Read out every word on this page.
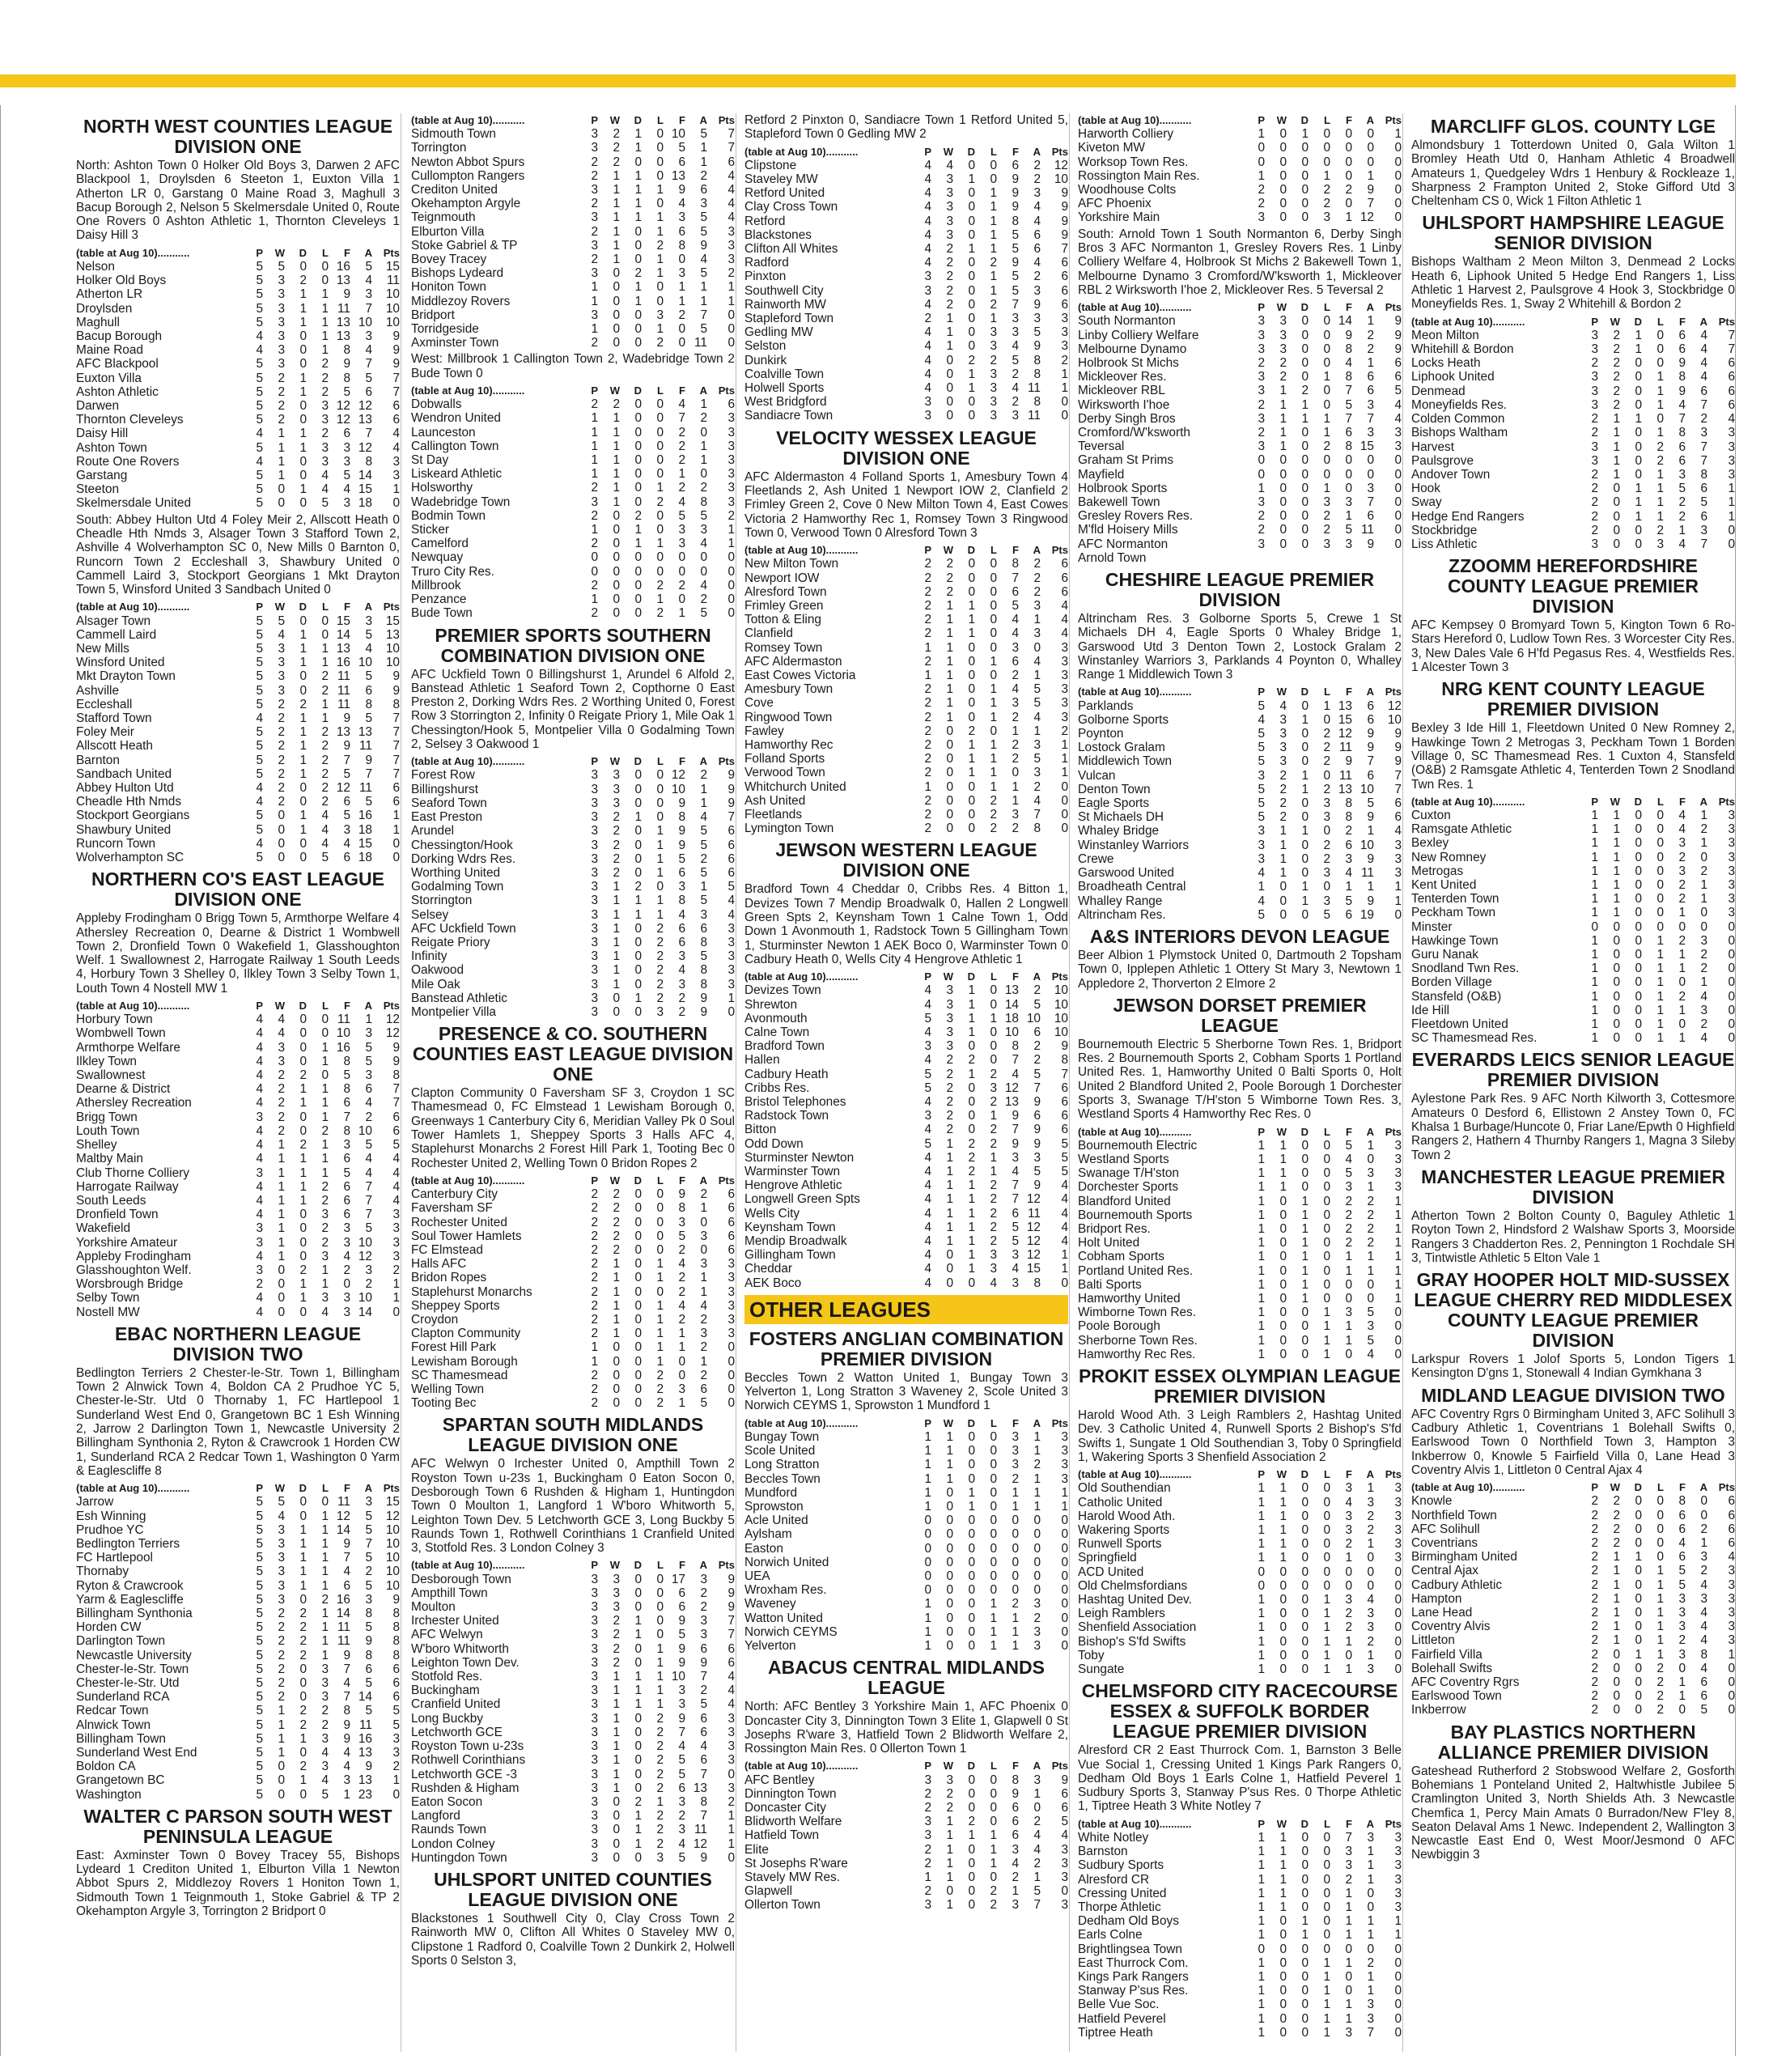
NORTH WEST COUNTIES LEAGUE DIVISION ONE
North: Ashton Town 0 Holker Old Boys 3, Darwen 2 AFC Blackpool 1, Droylsden 6 Steeton 1, Euxton Villa 1 Atherton LR 0, Garstang 0 Maine Road 3, Maghull 3 Bacup Borough 2, Nelson 5 Skelmersdale United 0, Route One Rovers 0 Ashton Athletic 1, Thornton Cleveleys 1 Daisy Hill 3
(table at Aug 10)...........	P	W	D	L	F	A	Pts
Nelson	5	5	0	0	16	5	15
Holker Old Boys	5	3	2	0	13	4	11
Atherton LR	5	3	1	1	9	3	10
Droylsden	5	3	1	1	11	7	10
Maghull	5	3	1	1	13	10	10
Bacup Borough	4	3	0	1	13	3	9
Maine Road	4	3	0	1	8	4	9
AFC Blackpool	5	3	0	2	9	7	9
Euxton Villa	5	2	1	2	8	5	7
Ashton Athletic	5	2	1	2	5	6	7
Darwen	5	2	0	3	12	12	6
Thornton Cleveleys	5	2	0	3	12	13	6
Daisy Hill	4	1	1	2	6	7	4
Ashton Town	5	1	1	3	3	12	4
Route One Rovers	4	1	0	3	3	8	3
Garstang	5	1	0	4	5	14	3
Steeton	5	0	1	4	4	15	1
Skelmersdale United	5	0	0	5	3	18	0
South: Abbey Hulton Utd 4 Foley Meir 2, Allscott Heath 0 Cheadle Hth Nmds 3, Alsager Town 3 Stafford Town 2, Ashville 4 Wolverhampton SC 0, New Mills 0 Barnton 0, Runcorn Town 2 Eccleshall 3, Shawbury United 0 Cammell Laird 3, Stockport Georgians 1 Mkt Drayton Town 5, Winsford United 3 Sandbach United 0
(table at Aug 10)...........	P	W	D	L	F	A	Pts
Alsager Town	5	5	0	0	15	3	15
Cammell Laird	5	4	1	0	14	5	13
New Mills	5	3	1	1	13	4	10
Winsford United	5	3	1	1	16	10	10
Mkt Drayton Town	5	3	0	2	11	5	9
Ashville	5	3	0	2	11	6	9
Eccleshall	5	2	2	1	11	8	8
Stafford Town	4	2	1	1	9	5	7
Foley Meir	5	2	1	2	13	13	7
Allscott Heath	5	2	1	2	9	11	7
Barnton	5	2	1	2	7	9	7
Sandbach United	5	2	1	2	5	7	7
Abbey Hulton Utd	4	2	0	2	12	11	6
Cheadle Hth Nmds	4	2	0	2	6	5	6
Stockport Georgians	5	0	1	4	5	16	1
Shawbury United	5	0	1	4	3	18	1
Runcorn Town	4	0	0	4	4	15	0
Wolverhampton SC	5	0	0	5	6	18	0
NORTHERN CO'S EAST LEAGUE DIVISION ONE
Appleby Frodingham 0 Brigg Town 5, Armthorpe Welfare 4 Athersley Recreation 0, Dearne & District 1 Wombwell Town 2, Dronfield Town 0 Wakefield 1, Glasshoughton Welf. 1 Swallownest 2, Harrogate Railway 1 South Leeds 4, Horbury Town 3 Shelley 0, Ilkley Town 3 Selby Town 1, Louth Town 4 Nostell MW 1
(table at Aug 10)...........	P	W	D	L	F	A	Pts
Horbury Town	4	4	0	0	11	1	12
Wombwell Town	4	4	0	0	10	3	12
Armthorpe Welfare	4	3	0	1	16	5	9
Ilkley Town	4	3	0	1	8	5	9
Swallownest	4	2	2	0	5	3	8
Dearne & District	4	2	1	1	8	6	7
Athersley Recreation	4	2	1	1	6	4	7
Brigg Town	3	2	0	1	7	2	6
Louth Town	4	2	0	2	8	10	6
Shelley	4	1	2	1	3	5	5
Maltby Main	4	1	1	1	6	4	4
Club Thorne Colliery	3	1	1	1	5	4	4
Harrogate Railway	4	1	1	2	6	7	4
South Leeds	4	1	1	2	6	7	4
Dronfield Town	4	1	0	3	6	7	3
Wakefield	3	1	0	2	3	5	3
Yorkshire Amateur	3	1	0	2	3	10	3
Appleby Frodingham	4	1	0	3	4	12	3
Glasshoughton Welf.	3	0	2	1	2	3	2
Worsbrough Bridge	2	0	1	1	0	2	1
Selby Town	4	0	1	3	3	10	1
Nostell MW	4	0	0	4	3	14	0
EBAC NORTHERN LEAGUE DIVISION TWO
Bedlington Terriers 2 Chester-le-Str. Town 1, Billingham Town 2 Alnwick Town 4, Boldon CA 2 Prudhoe YC 5, Chester-le-Str. Utd 0 Thornaby 1, FC Hartlepool 1 Sunderland West End 0, Grangetown BC 1 Esh Winning 2, Jarrow 2 Darlington Town 1, Newcastle University 2 Billingham Synthonia 2, Ryton & Crawcrook 1 Horden CW 1, Sunderland RCA 2 Redcar Town 1, Washington 0 Yarm & Eaglescliffe 8
(table at Aug 10)...........	P	W	D	L	F	A	Pts
Jarrow	5	5	0	0	11	3	15
Esh Winning	5	4	0	1	12	5	12
Prudhoe YC	5	3	1	1	14	5	10
Bedlington Terriers	5	3	1	1	9	7	10
FC Hartlepool	5	3	1	1	7	5	10
Thornaby	5	3	1	1	4	2	10
Ryton & Crawcrook	5	3	1	1	6	5	10
Yarm & Eaglescliffe	5	3	0	2	16	3	9
Billingham Synthonia	5	2	2	1	14	8	8
Horden CW	5	2	2	1	11	5	8
Darlington Town	5	2	2	1	11	9	8
Newcastle University	5	2	2	1	9	8	8
Chester-le-Str. Town	5	2	0	3	7	6	6
Chester-le-Str. Utd	5	2	0	3	4	5	6
Sunderland RCA	5	2	0	3	7	14	6
Redcar Town	5	1	2	2	8	5	5
Alnwick Town	5	1	2	2	9	11	5
Billingham Town	5	1	1	3	9	16	3
Sunderland West End	5	1	0	4	4	13	3
Boldon CA	5	0	2	3	4	9	2
Grangetown BC	5	0	1	4	3	13	1
Washington	5	0	0	5	1	23	0
WALTER C PARSON SOUTH WEST PENINSULA LEAGUE
East: Axminster Town 0 Bovey Tracey 55, Bishops Lydeard 1 Crediton United 1, Elburton Villa 1 Newton Abbot Spurs 2, Middlezoy Rovers 1 Honiton Town 1, Sidmouth Town 1 Teignmouth 1, Stoke Gabriel & TP 2 Okehampton Argyle 3, Torrington 2 Bridport 0
(table at Aug 10)...........	P	W	D	L	F	A	Pts
Sidmouth Town	3	2	1	0	10	5	7
Torrington	3	2	1	0	5	1	7
Newton Abbot Spurs	2	2	0	0	6	1	6
Cullompton Rangers	2	1	1	0	13	2	4
Crediton United	3	1	1	1	9	6	4
Okehampton Argyle	2	1	1	0	4	3	4
Teignmouth	3	1	1	1	3	5	4
Elburton Villa	2	1	0	1	6	5	3
Stoke Gabriel & TP	3	1	0	2	8	9	3
Bovey Tracey	2	1	0	1	0	4	3
Bishops Lydeard	3	0	2	1	3	5	2
Honiton Town	1	0	1	0	1	1	1
Middlezoy Rovers	1	0	1	0	1	1	1
Bridport	3	0	0	3	2	7	0
Torridgeside	1	0	0	1	0	5	0
Axminster Town	2	0	0	2	0	11	0
West: Millbrook 1 Callington Town 2, Wadebridge Town 2 Bude Town 0
(table at Aug 10)...........	P	W	D	L	F	A	Pts
Dobwalls	2	2	0	0	4	1	6
Wendron United	1	1	0	0	7	2	3
Launceston	1	1	0	0	2	0	3
Callington Town	1	1	0	0	2	1	3
St Day	1	1	0	0	2	1	3
Liskeard Athletic	1	1	0	0	1	0	3
Holsworthy	2	1	0	1	2	2	3
Wadebridge Town	3	1	0	2	4	8	3
Bodmin Town	2	0	2	0	5	5	2
Sticker	1	0	1	0	3	3	1
Camelford	2	0	1	1	3	4	1
Newquay	0	0	0	0	0	0	0
Truro City Res.	0	0	0	0	0	0	0
Millbrook	2	0	0	2	2	4	0
Penzance	1	0	0	1	0	2	0
Bude Town	2	0	0	2	1	5	0
PREMIER SPORTS SOUTHERN COMBINATION DIVISION ONE
AFC Uckfield Town 0 Billingshurst 1, Arundel 6 Alfold 2, Banstead Athletic 1 Seaford Town 2, Copthorne 0 East Preston 2, Dorking Wdrs Res. 2 Worthing United 0, Forest Row 3 Storrington 2, Infinity 0 Reigate Priory 1, Mile Oak 1 Chessington/Hook 5, Montpelier Villa 0 Godalming Town 2, Selsey 3 Oakwood 1
(table at Aug 10)...........	P	W	D	L	F	A	Pts
Forest Row	3	3	0	0	12	2	9
Billingshurst	3	3	0	0	10	1	9
Seaford Town	3	3	0	0	9	1	9
East Preston	3	2	1	0	8	4	7
Arundel	3	2	0	1	9	5	6
Chessington/Hook	3	2	0	1	9	5	6
Dorking Wdrs Res.	3	2	0	1	5	2	6
Worthing United	3	2	0	1	6	5	6
Godalming Town	3	1	2	0	3	1	5
Storrington	3	1	1	1	8	5	4
Selsey	3	1	1	1	4	3	4
AFC Uckfield Town	3	1	0	2	6	6	3
Reigate Priory	3	1	0	2	6	8	3
Infinity	3	1	0	2	3	5	3
Oakwood	3	1	0	2	4	8	3
Mile Oak	3	1	0	2	3	8	3
Banstead Athletic	3	0	1	2	2	9	1
Montpelier Villa	3	0	0	3	2	9	0
PRESENCE & CO. SOUTHERN COUNTIES EAST LEAGUE DIVISION ONE
Clapton Community 0 Faversham SF 3, Croydon 1 SC Thamesmead 0, FC Elmstead 1 Lewisham Borough 0, Greenways 1 Canterbury City 6, Meridian Valley Pk 0 Soul Tower Hamlets 1, Sheppey Sports 3 Halls AFC 4, Staplehurst Monarchs 2 Forest Hill Park 1, Tooting Bec 0 Rochester United 2, Welling Town 0 Bridon Ropes 2
(table at Aug 10)...........	P	W	D	L	F	A	Pts
Canterbury City	2	2	0	0	9	2	6
Faversham SF	2	2	0	0	8	1	6
Rochester United	2	2	0	0	3	0	6
Soul Tower Hamlets	2	2	0	0	5	3	6
FC Elmstead	2	2	0	0	2	0	6
Halls AFC	2	1	0	1	4	3	3
Bridon Ropes	2	1	0	1	2	1	3
Staplehurst Monarchs	2	1	0	0	2	1	3
Sheppey Sports	2	1	0	1	4	4	3
Croydon	2	1	0	1	2	2	3
Clapton Community	2	1	0	1	1	3	3
Forest Hill Park	1	0	0	1	1	2	0
Lewisham Borough	1	0	0	1	0	1	0
SC Thamesmead	2	0	0	2	0	2	0
Welling Town	2	0	0	2	3	6	0
Tooting Bec	2	0	0	2	1	5	0
SPARTAN SOUTH MIDLANDS LEAGUE DIVISION ONE
AFC Welwyn 0 Irchester United 0, Ampthill Town 2 Royston Town u-23s 1, Buckingham 0 Eaton Socon 0, Desborough Town 6 Rushden & Higham 1, Huntingdon Town 0 Moulton 1, Langford 1 W'boro Whitworth 5, Leighton Town Dev. 5 Letchworth GCE 3, Long Buckby 5 Raunds Town 1, Rothwell Corinthians 1 Cranfield United 3, Stotfold Res. 3 London Colney 3
(table at Aug 10)...........	P	W	D	L	F	A	Pts
Desborough Town	3	3	0	0	17	3	9
Ampthill Town	3	3	0	0	6	2	9
Moulton	3	3	0	0	6	2	9
Irchester United	3	2	1	0	9	3	7
AFC Welwyn	3	2	1	0	5	3	7
W'boro Whitworth	3	2	0	1	9	6	6
Leighton Town Dev.	3	2	0	1	9	9	6
Stotfold Res.	3	1	1	1	10	7	4
Buckingham	3	1	1	1	3	2	4
Cranfield United	3	1	1	1	3	5	4
Long Buckby	3	1	0	2	9	6	3
Letchworth GCE	3	1	0	2	7	6	3
Royston Town u-23s	3	1	0	2	4	4	3
Rothwell Corinthians	3	1	0	2	5	6	3
Letchworth GCE -3	3	1	0	2	5	7	0
Rushden & Higham	3	1	0	2	6	13	3
Eaton Socon	3	0	2	1	3	8	2
Langford	3	0	1	2	2	7	1
Raunds Town	3	0	1	2	3	11	1
London Colney	3	0	1	2	4	12	1
Huntingdon Town	3	0	0	3	5	9	0
UHLSPORT UNITED COUNTIES LEAGUE DIVISION ONE
Blackstones 1 Southwell City 0, Clay Cross Town 2 Rainworth MW 0, Clifton All Whites 0 Staveley MW 0, Clipstone 1 Radford 0, Coalville Town 2 Dunkirk 2, Holwell Sports 0 Selston 3,
Retford 2 Pinxton 0, Sandiacre Town 1 Retford United 5, Stapleford Town 0 Gedling MW 2
(table at Aug 10)...........	P	W	D	L	F	A	Pts
Clipstone	4	4	0	0	6	2	12
Staveley MW	4	3	1	0	9	2	10
Retford United	4	3	0	1	9	3	9
Clay Cross Town	4	3	0	1	9	4	9
Retford	4	3	0	1	8	4	9
Blackstones	4	3	0	1	5	6	9
Clifton All Whites	4	2	1	1	5	6	7
Radford	4	2	0	2	9	4	6
Pinxton	3	2	0	1	5	2	6
Southwell City	3	2	0	1	5	3	6
Rainworth MW	4	2	0	2	7	9	6
Stapleford Town	2	1	0	1	3	3	3
Gedling MW	4	1	0	3	3	5	3
Selston	4	1	0	3	4	9	3
Dunkirk	4	0	2	2	5	8	2
Coalville Town	4	0	1	3	2	8	1
Holwell Sports	4	0	1	3	4	11	1
West Bridgford	3	0	0	3	2	8	0
Sandiacre Town	3	0	0	3	3	11	0
VELOCITY WESSEX LEAGUE DIVISION ONE
AFC Aldermaston 4 Folland Sports 1, Amesbury Town 4 Fleetlands 2, Ash United 1 Newport IOW 2, Clanfield 2 Frimley Green 2, Cove 0 New Milton Town 4, East Cowes Victoria 2 Hamworthy Rec 1, Romsey Town 3 Ringwood Town 0, Verwood Town 0 Alresford Town 3
(table at Aug 10)...........	P	W	D	L	F	A	Pts
New Milton Town	2	2	0	0	8	2	6
Newport IOW	2	2	0	0	7	2	6
Alresford Town	2	2	0	0	6	2	6
Frimley Green	2	1	1	0	5	3	4
Totton & Eling	2	1	1	0	4	1	4
Clanfield	2	1	1	0	4	3	4
Romsey Town	1	1	0	0	3	0	3
AFC Aldermaston	2	1	0	1	6	4	3
East Cowes Victoria	1	1	0	0	2	1	3
Amesbury Town	2	1	0	1	4	5	3
Cove	2	1	0	1	3	5	3
Ringwood Town	2	1	0	1	2	4	3
Fawley	2	0	2	0	1	1	2
Hamworthy Rec	2	0	1	1	2	3	1
Folland Sports	2	0	1	1	2	5	1
Verwood Town	2	0	1	1	0	3	1
Whitchurch United	1	0	0	1	1	2	0
Ash United	2	0	0	2	1	4	0
Fleetlands	2	0	0	2	3	7	0
Lymington Town	2	0	0	2	2	8	0
JEWSON WESTERN LEAGUE DIVISION ONE
Bradford Town 4 Cheddar 0, Cribbs Res. 4 Bitton 1, Devizes Town 7 Mendip Broadwalk 0, Hallen 2 Longwell Green Spts 2, Keynsham Town 1 Calne Town 1, Odd Down 1 Avonmouth 1, Radstock Town 5 Gillingham Town 1, Sturminster Newton 1 AEK Boco 0, Warminster Town 0 Cadbury Heath 0, Wells City 4 Hengrove Athletic 1
(table at Aug 10)...........	P	W	D	L	F	A	Pts
Devizes Town	4	3	1	0	13	2	10
Shrewton	4	3	1	0	14	5	10
Avonmouth	5	3	1	1	18	10	10
Calne Town	4	3	1	0	10	6	10
Bradford Town	3	3	0	0	8	2	9
Hallen	4	2	2	0	7	2	8
Cadbury Heath	5	2	1	2	4	5	7
Cribbs Res.	5	2	0	3	12	7	6
Bristol Telephones	4	2	0	2	13	9	6
Radstock Town	3	2	0	1	9	6	6
Bitton	4	2	0	2	7	9	6
Odd Down	5	1	2	2	9	9	5
Sturminster Newton	4	1	2	1	3	3	5
Warminster Town	4	1	2	1	4	5	5
Hengrove Athletic	4	1	1	2	7	9	4
Longwell Green Spts	4	1	1	2	7	12	4
Wells City	4	1	1	2	6	11	4
Keynsham Town	4	1	1	2	5	12	4
Mendip Broadwalk	4	1	1	2	5	12	4
Gillingham Town	4	0	1	3	3	12	1
Cheddar	4	0	1	3	4	15	1
AEK Boco	4	0	0	4	3	8	0
OTHER LEAGUES
FOSTERS ANGLIAN COMBINATION PREMIER DIVISION
Beccles Town 2 Watton United 1, Bungay Town 3 Yelverton 1, Long Stratton 3 Waveney 2, Scole United 3 Norwich CEYMS 1, Sprowston 1 Mundford 1
(table at Aug 10)...........	P	W	D	L	F	A	Pts
Bungay Town	1	1	0	0	3	1	3
Scole United	1	1	0	0	3	1	3
Long Stratton	1	1	0	0	3	2	3
Beccles Town	1	1	0	0	2	1	3
Mundford	1	0	1	0	1	1	1
Sprowston	1	0	1	0	1	1	1
Acle United	0	0	0	0	0	0	0
Aylsham	0	0	0	0	0	0	0
Easton	0	0	0	0	0	0	0
Norwich United	0	0	0	0	0	0	0
UEA	0	0	0	0	0	0	0
Wroxham Res.	0	0	0	0	0	0	0
Waveney	1	0	0	1	2	3	0
Watton United	1	0	0	1	1	2	0
Norwich CEYMS	1	0	0	1	1	3	0
Yelverton	1	0	0	1	1	3	0
ABACUS CENTRAL MIDLANDS LEAGUE
North: AFC Bentley 3 Yorkshire Main 1, AFC Phoenix 0 Doncaster City 3, Dinnington Town 3 Elite 1, Glapwell 0 St Josephs R'ware 3, Hatfield Town 2 Blidworth Welfare 2, Rossington Main Res. 0 Ollerton Town 1
(table at Aug 10)...........	P	W	D	L	F	A	Pts
AFC Bentley	3	3	0	0	8	3	9
Dinnington Town	2	2	0	0	9	1	6
Doncaster City	2	2	0	0	6	0	6
Blidworth Welfare	3	1	2	0	6	2	5
Hatfield Town	3	1	1	1	6	4	4
Elite	2	1	0	1	3	4	3
St Josephs R'ware	2	1	0	1	4	2	3
Stavely MW Res.	1	1	0	0	2	1	3
Glapwell	2	0	0	2	1	5	0
Ollerton Town	3	1	0	2	3	7	3
(table at Aug 10)...........	P	W	D	L	F	A	Pts
Harworth Colliery	1	0	1	0	0	0	1
Kiveton MW	0	0	0	0	0	0	0
Worksop Town Res.	0	0	0	0	0	0	0
Rossington Main Res.	1	0	0	1	0	1	0
Woodhouse Colts	2	0	0	2	2	9	0
AFC Phoenix	2	0	0	2	0	7	0
Yorkshire Main	3	0	0	3	1	12	0
South: Arnold Town 1 South Normanton 6, Derby Singh Bros 3 AFC Normanton 1, Gresley Rovers Res. 1 Linby Colliery Welfare 4, Holbrook St Michs 2 Bakewell Town 1, Melbourne Dynamo 3 Cromford/W'ksworth 1, Mickleover RBL 2 Wirksworth I'hoe 2, Mickleover Res. 5 Teversal 2
(table at Aug 10)...........	P	W	D	L	F	A	Pts
South Normanton	3	3	0	0	14	1	9
Linby Colliery Welfare	3	3	0	0	9	2	9
Melbourne Dynamo	3	3	0	0	8	2	9
Holbrook St Michs	2	2	0	0	4	1	6
Mickleover Res.	3	2	0	1	8	6	6
Mickleover RBL	3	1	2	0	7	6	5
Wirksworth I'hoe	2	1	1	0	5	3	4
Derby Singh Bros	3	1	1	1	7	7	4
Cromford/W'ksworth	2	1	0	1	6	3	3
Teversal	3	1	0	2	8	15	3
Graham St Prims	0	0	0	0	0	0	0
Mayfield	0	0	0	0	0	0	0
Holbrook Sports	1	0	0	1	0	3	0
Bakewell Town	3	0	0	3	3	7	0
Gresley Rovers Res.	2	0	0	2	1	6	0
M'fld Hoisery Mills	2	0	0	2	5	11	0
AFC Normanton	3	0	0	3	3	9	0
Arnold Town							
CHESHIRE LEAGUE PREMIER DIVISION
Altrincham Res. 3 Golborne Sports 5, Crewe 1 St Michaels DH 4, Eagle Sports 0 Whaley Bridge 1, Garswood Utd 3 Denton Town 2, Lostock Gralam 2 Winstanley Warriors 3, Parklands 4 Poynton 0, Whalley Range 1 Middlewich Town 3
(table at Aug 10)...........	P	W	D	L	F	A	Pts
Parklands	5	4	0	1	13	6	12
Golborne Sports	4	3	1	0	15	6	10
Poynton	5	3	0	2	12	9	9
Lostock Gralam	5	3	0	2	11	9	9
Middlewich Town	5	3	0	2	9	7	9
Vulcan	3	2	1	0	11	6	7
Denton Town	5	2	1	2	13	10	7
Eagle Sports	5	2	0	3	8	5	6
St Michaels DH	5	2	0	3	8	9	6
Whaley Bridge	3	1	1	0	2	1	4
Winstanley Warriors	3	1	0	2	6	10	3
Crewe	3	1	0	2	3	9	3
Garswood United	4	1	0	3	4	11	3
Broadheath Central	1	0	1	0	1	1	1
Whalley Range	4	0	1	3	5	9	1
Altrincham Res.	5	0	0	5	6	19	0
A&S INTERIORS DEVON LEAGUE
Beer Albion 1 Plymstock United 0, Dartmouth 2 Topsham Town 0, Ipplepen Athletic 1 Ottery St Mary 3, Newtown 1 Appledore 2, Thorverton 2 Elmore 2
JEWSON DORSET PREMIER LEAGUE
Bournemouth Electric 5 Sherborne Town Res. 1, Bridport Res. 2 Bournemouth Sports 2, Cobham Sports 1 Portland United Res. 1, Hamworthy United 0 Balti Sports 0, Holt United 2 Blandford United 2, Poole Borough 1 Dorchester Sports 3, Swanage T/H'ston 5 Wimborne Town Res. 3, Westland Sports 4 Hamworthy Rec Res. 0
(table at Aug 10)...........	P	W	D	L	F	A	Pts
Bournemouth Electric	1	1	0	0	5	1	3
Westland Sports	1	1	0	0	4	0	3
Swanage T/H'ston	1	1	0	0	5	3	3
Dorchester Sports	1	1	0	0	3	1	3
Blandford United	1	0	1	0	2	2	1
Bournemouth Sports	1	0	1	0	2	2	1
Bridport Res.	1	0	1	0	2	2	1
Holt United	1	0	1	0	2	2	1
Cobham Sports	1	0	1	0	1	1	1
Portland United Res.	1	0	1	0	1	1	1
Balti Sports	1	0	1	0	0	0	1
Hamworthy United	1	0	1	0	0	0	1
Wimborne Town Res.	1	0	0	1	3	5	0
Poole Borough	1	0	0	1	1	3	0
Sherborne Town Res.	1	0	0	1	1	5	0
Hamworthy Rec Res.	1	0	0	1	0	4	0
PROKIT ESSEX OLYMPIAN LEAGUE PREMIER DIVISION
Harold Wood Ath. 3 Leigh Ramblers 2, Hashtag United Dev. 3 Catholic United 4, Runwell Sports 2 Bishop's S'fd Swifts 1, Sungate 1 Old Southendian 3, Toby 0 Springfield 1, Wakering Sports 3 Shenfield Association 2
(table at Aug 10)...........	P	W	D	L	F	A	Pts
Old Southendian	1	1	0	0	3	1	3
Catholic United	1	1	0	0	4	3	3
Harold Wood Ath.	1	1	0	0	3	2	3
Wakering Sports	1	1	0	0	3	2	3
Runwell Sports	1	1	0	0	2	1	3
Springfield	1	1	0	0	1	0	3
ACD United	0	0	0	0	0	0	0
Old Chelmsfordians	0	0	0	0	0	0	0
Hashtag United Dev.	1	0	0	1	3	4	0
Leigh Ramblers	1	0	0	1	2	3	0
Shenfield Association	1	0	0	1	2	3	0
Bishop's S'fd Swifts	1	0	0	1	1	2	0
Toby	1	0	0	1	0	1	0
Sungate	1	0	0	1	1	3	0
CHELMSFORD CITY RACECOURSE ESSEX & SUFFOLK BORDER LEAGUE PREMIER DIVISION
Alresford CR 2 East Thurrock Com. 1, Barnston 3 Belle Vue Social 1, Cressing United 1 Kings Park Rangers 0, Dedham Old Boys 1 Earls Colne 1, Hatfield Peverel 1 Sudbury Sports 3, Stanway P'sus Res. 0 Thorpe Athletic 1, Tiptree Heath 3 White Notley 7
(table at Aug 10)...........	P	W	D	L	F	A	Pts
White Notley	1	1	0	0	7	3	3
Barnston	1	1	0	0	3	1	3
Sudbury Sports	1	1	0	0	3	1	3
Alresford CR	1	1	0	0	2	1	3
Cressing United	1	1	0	0	1	0	3
Thorpe Athletic	1	1	0	0	1	0	3
Dedham Old Boys	1	0	1	0	1	1	1
Earls Colne	1	0	1	0	1	1	1
Brightlingsea Town	0	0	0	0	0	0	0
East Thurrock Com.	1	0	0	1	1	2	0
Kings Park Rangers	1	0	0	1	0	1	0
Stanway P'sus Res.	1	0	0	1	0	1	0
Belle Vue Soc.	1	0	0	1	1	3	0
Hatfield Peverel	1	0	0	1	1	3	0
Tiptree Heath	1	0	0	1	3	7	0
MARCLIFF GLOS. COUNTY LGE
Almondsbury 1 Totterdown United 0, Gala Wilton 1 Bromley Heath Utd 0, Hanham Athletic 4 Broadwell Amateurs 1, Quedgeley Wdrs 1 Henbury & Rockleaze 1, Sharpness 2 Frampton United 2, Stoke Gifford Utd 3 Cheltenham CS 0, Wick 1 Filton Athletic 1
UHLSPORT HAMPSHIRE LEAGUE SENIOR DIVISION
Bishops Waltham 2 Meon Milton 3, Denmead 2 Locks Heath 6, Liphook United 5 Hedge End Rangers 1, Liss Athletic 1 Harvest 2, Paulsgrove 4 Hook 3, Stockbridge 0 Moneyfields Res. 1, Sway 2 Whitehill & Bordon 2
(table at Aug 10)...........	P	W	D	L	F	A	Pts
Meon Milton	3	2	1	0	6	4	7
Whitehill & Bordon	3	2	1	0	6	4	7
Locks Heath	2	2	0	0	9	4	6
Liphook United	3	2	0	1	8	4	6
Denmead	3	2	0	1	9	6	6
Moneyfields Res.	3	2	0	1	4	7	6
Colden Common	2	1	1	0	7	2	4
Bishops Waltham	2	1	0	1	8	3	3
Harvest	3	1	0	2	6	7	3
Paulsgrove	3	1	0	2	6	7	3
Andover Town	2	1	0	1	3	8	3
Hook	2	0	1	1	5	6	1
Sway	2	0	1	1	2	5	1
Hedge End Rangers	2	0	1	1	2	6	1
Stockbridge	2	0	0	2	1	3	0
Liss Athletic	3	0	0	3	4	7	0
ZZOOMM HEREFORDSHIRE COUNTY LEAGUE PREMIER DIVISION
AFC Kempsey 0 Bromyard Town 5, Kington Town 6 Ro-Stars Hereford 0, Ludlow Town Res. 3 Worcester City Res. 3, New Dales Vale 6 H'fd Pegasus Res. 4, Westfields Res. 1 Alcester Town 3
NRG KENT COUNTY LEAGUE PREMIER DIVISION
Bexley 3 Ide Hill 1, Fleetdown United 0 New Romney 2, Hawkinge Town 2 Metrogas 3, Peckham Town 1 Borden Village 0, SC Thamesmead Res. 1 Cuxton 4, Stansfeld (O&B) 2 Ramsgate Athletic 4, Tenterden Town 2 Snodland Twn Res. 1
(table at Aug 10)...........	P	W	D	L	F	A	Pts
Cuxton	1	1	0	0	4	1	3
Ramsgate Athletic	1	1	0	0	4	2	3
Bexley	1	1	0	0	3	1	3
New Romney	1	1	0	0	2	0	3
Metrogas	1	1	0	0	3	2	3
Kent United	1	1	0	0	2	1	3
Tenterden Town	1	1	0	0	2	1	3
Peckham Town	1	1	0	0	1	0	3
Minster	0	0	0	0	0	0	0
Hawkinge Town	1	0	0	1	2	3	0
Guru Nanak	1	0	0	1	1	2	0
Snodland Twn Res.	1	0	0	1	1	2	0
Borden Village	1	0	0	1	0	1	0
Stansfeld (O&B)	1	0	0	1	2	4	0
Ide Hill	1	0	0	1	1	3	0
Fleetdown United	1	0	0	1	0	2	0
SC Thamesmead Res.	1	0	0	1	1	4	0
EVERARDS LEICS SENIOR LEAGUE PREMIER DIVISION
Aylestone Park Res. 9 AFC North Kilworth 3, Cottesmore Amateurs 0 Desford 6, Ellistown 2 Anstey Town 0, FC Khalsa 1 Burbage/Huncote 0, Friar Lane/Epwth 0 Highfield Rangers 2, Hathern 4 Thurnby Rangers 1, Magna 3 Sileby Town 2
MANCHESTER LEAGUE PREMIER DIVISION
Atherton Town 2 Bolton County 0, Baguley Athletic 1 Royton Town 2, Hindsford 2 Walshaw Sports 3, Moorside Rangers 3 Chadderton Res. 2, Pennington 1 Rochdale SH 3, Tintwistle Athletic 5 Elton Vale 1
GRAY HOOPER HOLT MID-SUSSEX LEAGUE CHERRY RED MIDDLESEX COUNTY LEAGUE PREMIER DIVISION
Larkspur Rovers 1 Jolof Sports 5, London Tigers 1 Kensington D'gns 1, Stonewall 4 Indian Gymkhana 3
MIDLAND LEAGUE DIVISION TWO
AFC Coventry Rgrs 0 Birmingham United 3, AFC Solihull 3 Cadbury Athletic 1, Coventrians 1 Bolehall Swifts 0, Earlswood Town 0 Northfield Town 3, Hampton 3 Inkberrow 0, Knowle 5 Fairfield Villa 0, Lane Head 3 Coventry Alvis 1, Littleton 0 Central Ajax 4
(table at Aug 10)...........	P	W	D	L	F	A	Pts
Knowle	2	2	0	0	8	0	6
Northfield Town	2	2	0	0	6	0	6
AFC Solihull	2	2	0	0	6	2	6
Coventrians	2	2	0	0	4	1	6
Birmingham United	2	1	1	0	6	3	4
Central Ajax	2	1	0	1	5	2	3
Cadbury Athletic	2	1	0	1	5	4	3
Hampton	2	1	0	1	3	3	3
Lane Head	2	1	0	1	3	4	3
Coventry Alvis	2	1	0	1	3	4	3
Littleton	2	1	0	1	2	4	3
Fairfield Villa	2	0	1	1	3	8	1
Bolehall Swifts	2	0	0	2	0	4	0
AFC Coventry Rgrs	2	0	0	2	1	6	0
Earlswood Town	2	0	0	2	1	6	0
Inkberrow	2	0	0	2	0	5	0
BAY PLASTICS NORTHERN ALLIANCE PREMIER DIVISION
Gateshead Rutherford 2 Stobswood Welfare 2, Gosforth Bohemians 1 Ponteland United 2, Haltwhistle Jubilee 5 Cramlington United 3, North Shields Ath. 3 Newcastle Chemfica 1, Percy Main Amats 0 Burradon/New F'ley 8, Seaton Delaval Ams 1 Newc. Independent 2, Wallington 3 Newcastle East End 0, West Moor/Jesmond 0 AFC Newbiggin 3
